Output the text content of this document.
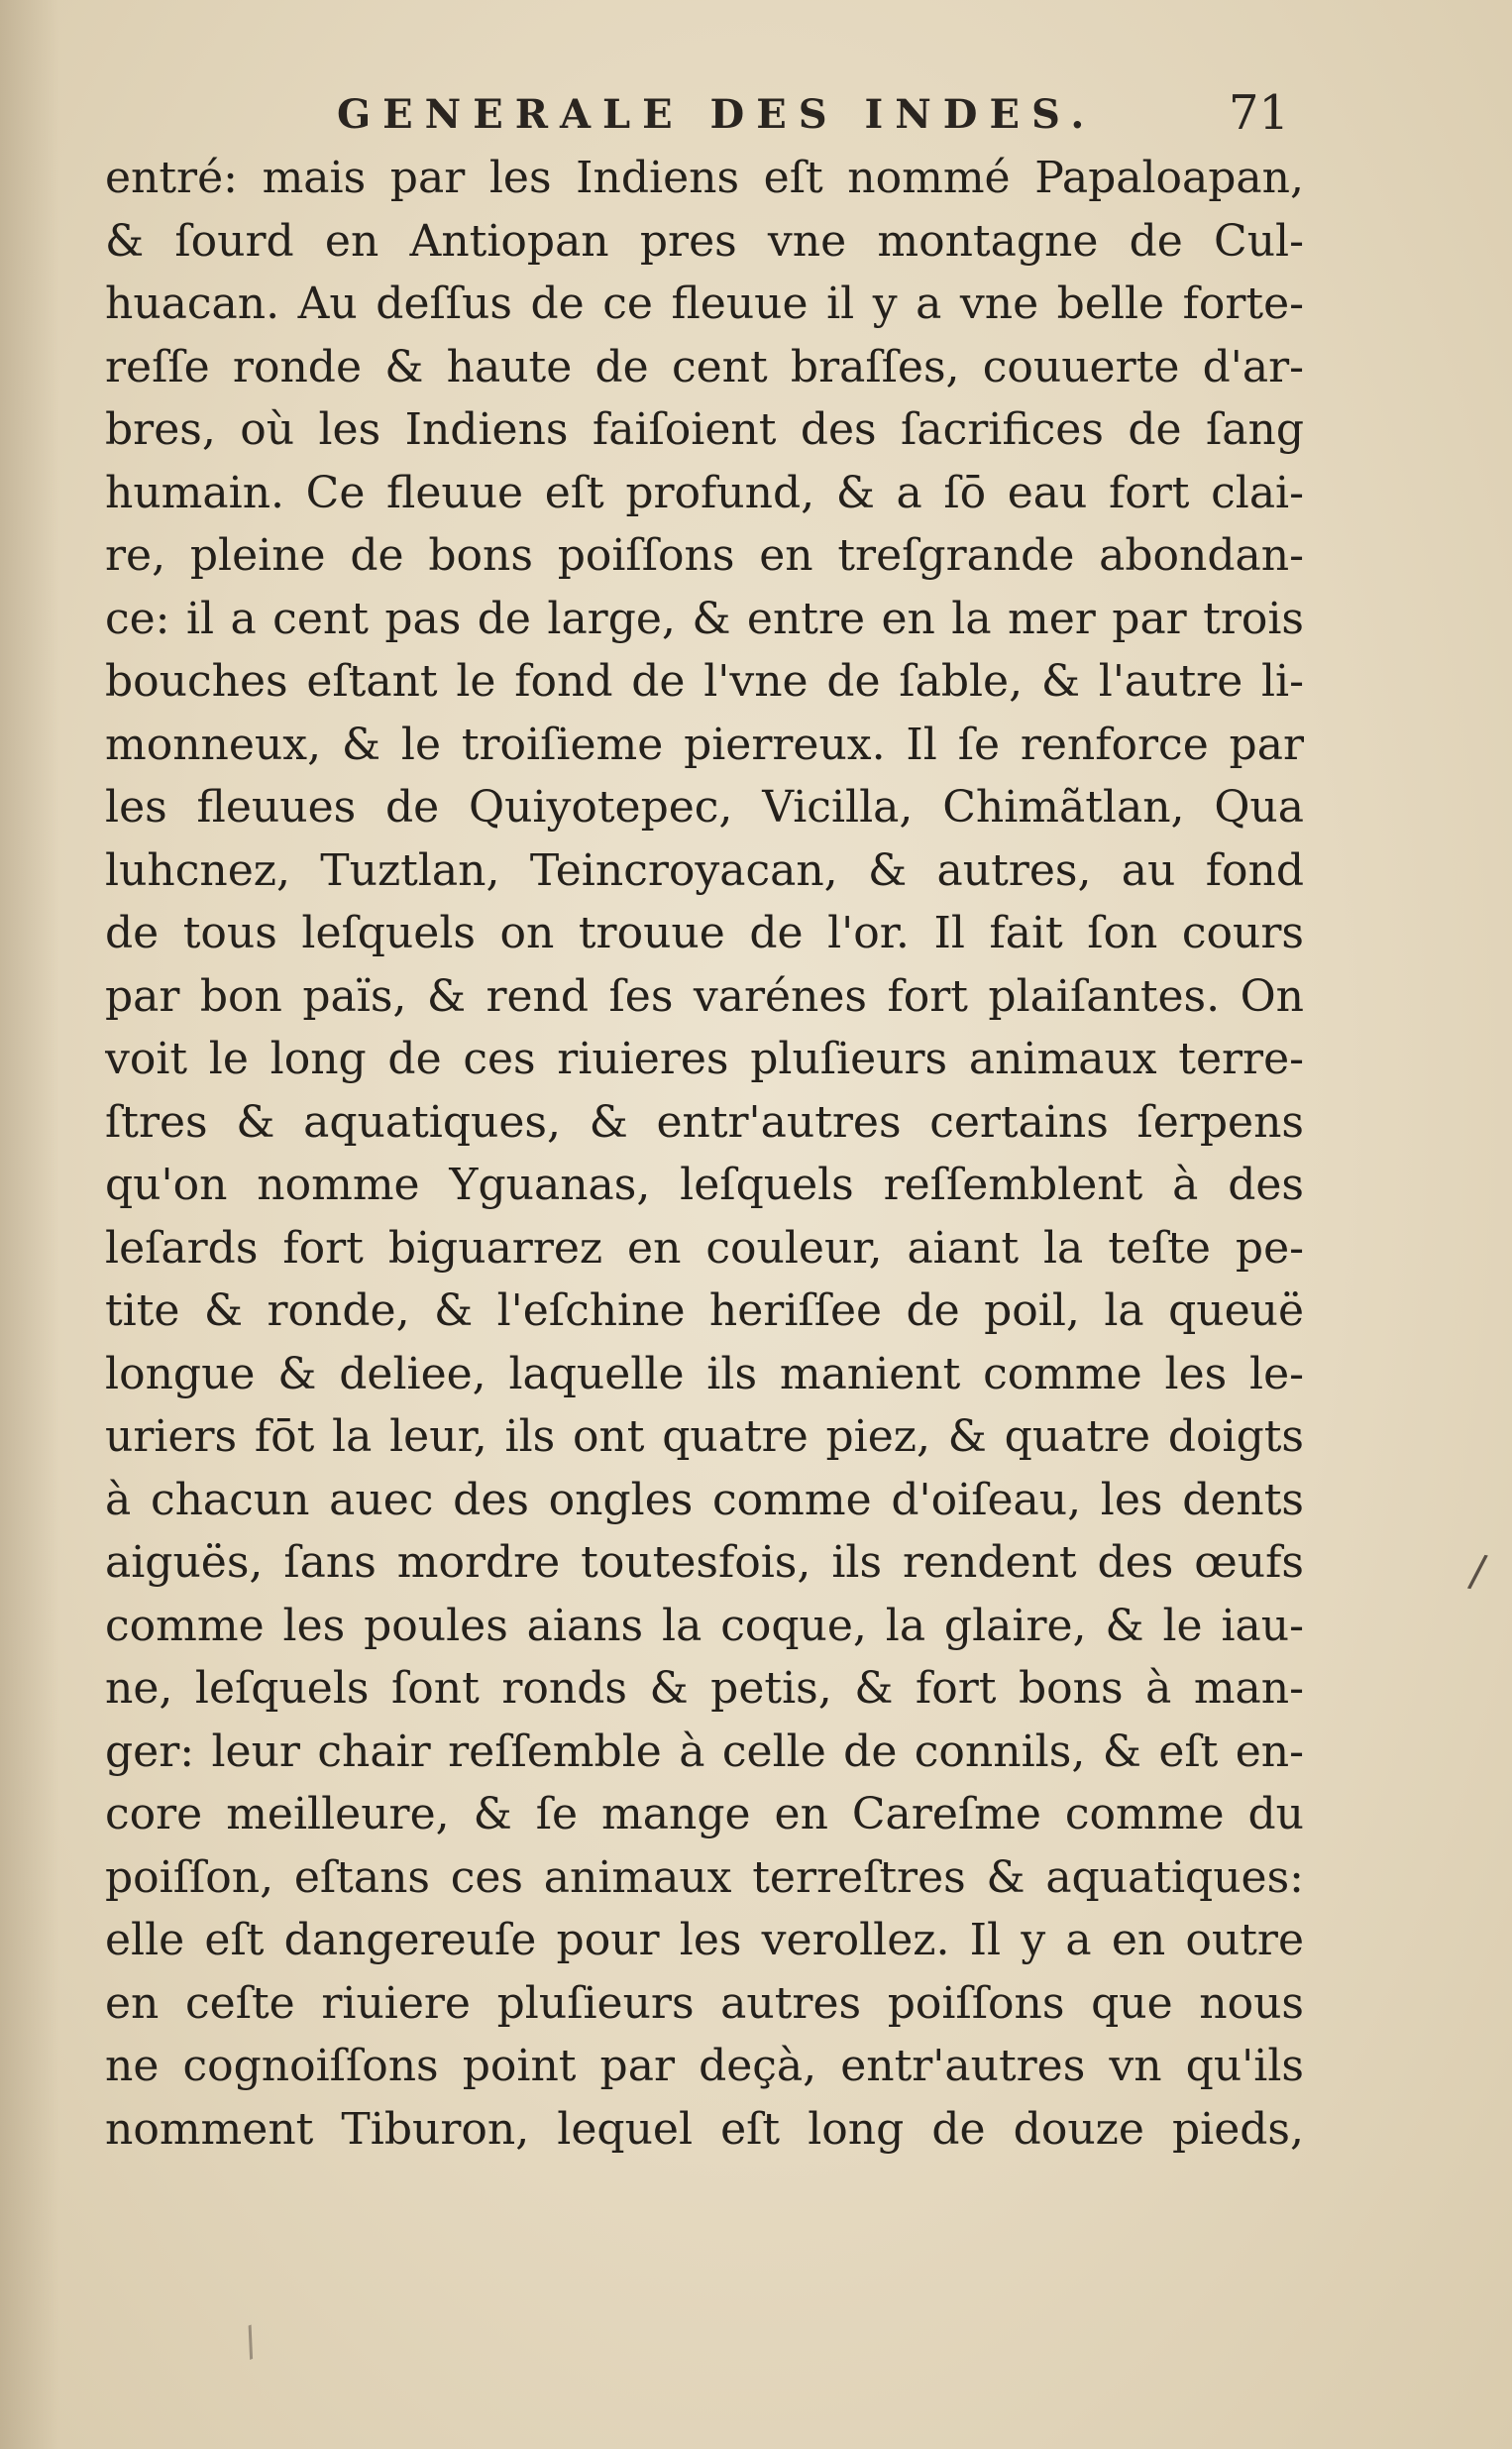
GENERALE DES INDES.	71
entré: mais par les Indiens eſt nommé Papaloapan,
& ſourd en Antiopan pres vne montagne de Cul-
huacan. Au deſſus de ce fleuue il y a vne belle forte-
reſſe ronde & haute de cent braſſes, couuerte d'ar-
bres, où les Indiens faiſoient des ſacrifices de ſang
humain. Ce fleuue eſt profund, & a ſō eau fort clai-
re, pleine de bons poiſſons en treſgrande abondan-
ce: il a cent pas de large, & entre en la mer par trois
bouches eſtant le fond de l'vne de ſable, & l'autre li-
monneux, & le troiſieme pierreux. Il ſe renforce par
les fleuues de Quiyotepec, Vicilla, Chimãtlan, Qua
luhcnez, Tuztlan, Teincroyacan, & autres, au fond
de tous leſquels on trouue de l'or. Il fait ſon cours
par bon païs, & rend ſes varénes fort plaiſantes. On
voit le long de ces riuieres pluſieurs animaux terre-
ſtres & aquatiques, & entr'autres certains ſerpens
qu'on nomme Yguanas, leſquels reſſemblent à des
leſards fort biguarrez en couleur, aiant la teſte pe-
tite & ronde, & l'eſchine heriſſee de poil, la queuë
longue & deliee, laquelle ils manient comme les le-
uriers fōt la leur, ils ont quatre piez, & quatre doigts
à chacun auec des ongles comme d'oiſeau, les dents
aiguës, ſans mordre toutesfois, ils rendent des œufs
comme les poules aians la coque, la glaire, & le iau-
ne, leſquels ſont ronds & petis, & fort bons à man-
ger: leur chair reſſemble à celle de connils, & eſt en-
core meilleure, & ſe mange en Careſme comme du
poiſſon, eſtans ces animaux terreſtres & aquatiques:
elle eſt dangereuſe pour les verollez. Il y a en outre
en ceſte riuiere pluſieurs autres poiſſons que nous
ne cognoiſſons point par deçà, entr'autres vn qu'ils
nomment Tiburon, lequel eſt long de douze pieds,
/
/
